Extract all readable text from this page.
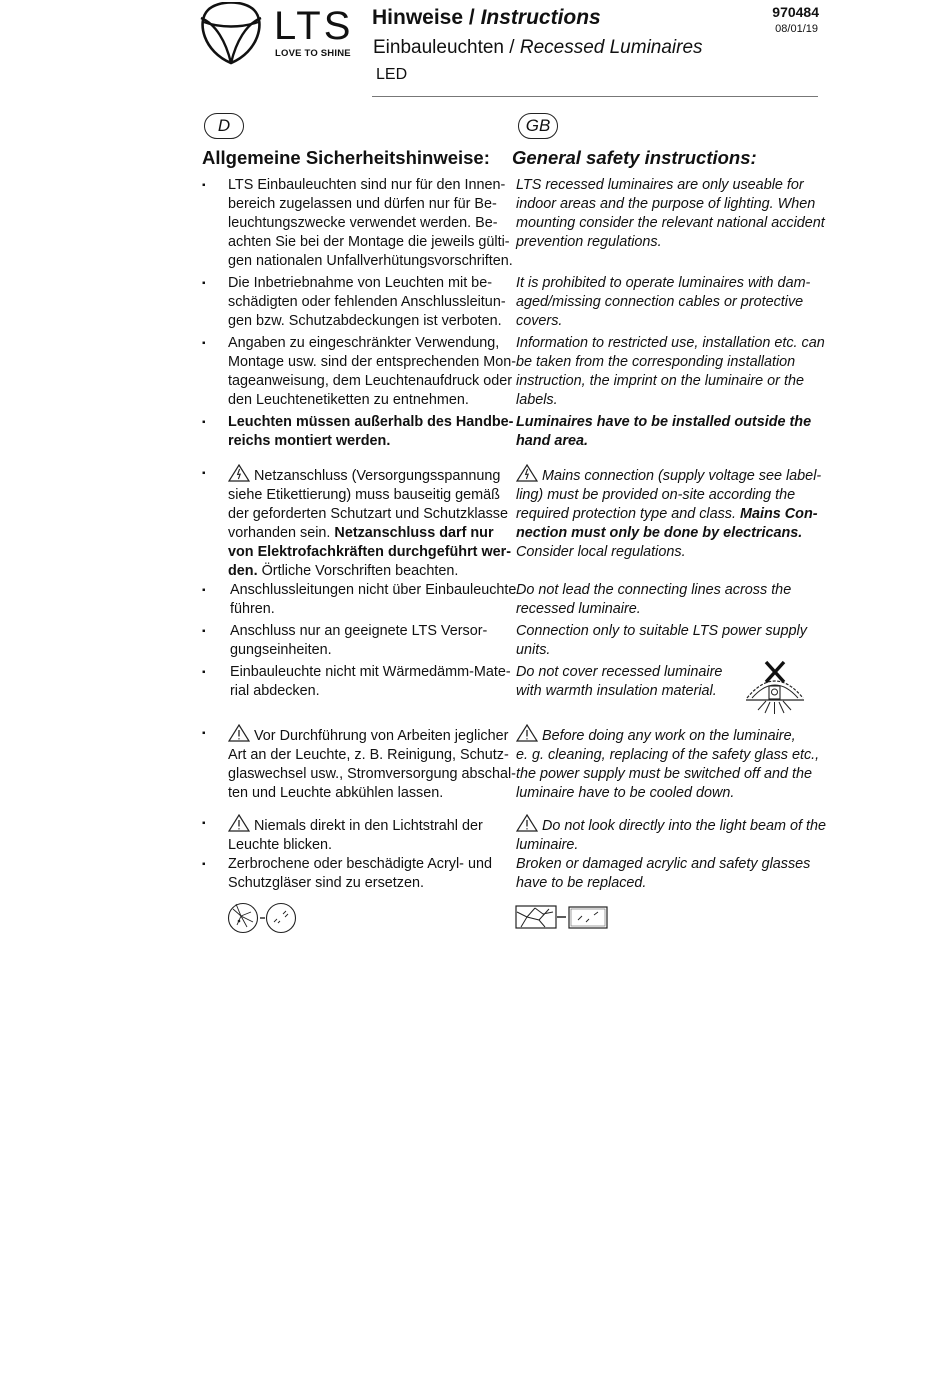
LTS
LOVE TO SHINE
Hinweise / Instructions
Einbauleuchten / Recessed Luminaires
LED
970484
08/01/19
D	GB
Allgemeine Sicherheitshinweise: General safety instructions:
▪ LTS Einbauleuchten sind nur für den Innen-
bereich zugelassen und dürfen nur für Be-
leuchtungszwecke verwendet werden. Be-
achten Sie bei der Montage die jeweils gülti-
gen nationalen Unfallverhütungsvorschriften.
▪ Die Inbetriebnahme von Leuchten mit be-
schädigten oder fehlenden Anschlussleitun-
gen bzw. Schutzabdeckungen ist verboten.
▪ Angaben zu eingeschränkter Verwendung,
Montage usw. sind der entsprechenden Mon-
tageanweisung, dem Leuchtenaufdruck oder
den Leuchtenetiketten zu entnehmen.
▪ Leuchten müssen außerhalb des Handbe-
reichs montiert werden.
▪	Netzanschluss (Versorgungsspannung
siehe Etikettierung) muss bauseitig gemäß
der geforderten Schutzart und Schutzklasse
vorhanden sein. Netzanschluss darf nur
von Elektrofachkräften durchgeführt wer-
den. Örtliche Vorschriften beachten.
▪ Anschlussleitungen nicht über Einbauleuchte
führen.
▪ Anschluss nur an geeignete LTS Versor-
gungseinheiten.
▪ Einbauleuchte nicht mit Wärmedämm-Mate-
rial abdecken.
▪	Vor Durchführung von Arbeiten jeglicher
Art an der Leuchte, z. B. Reinigung, Schutz-
glaswechsel usw., Stromversorgung abschal-
ten und Leuchte abkühlen lassen.
▪	Niemals direkt in den Lichtstrahl der
Leuchte blicken.
▪ Zerbrochene oder beschädigte Acryl- und
Schutzgläser sind zu ersetzen.
LTS recessed luminaires are only useable for
indoor areas and the purpose of lighting. When
mounting consider the relevant national accident
prevention regulations.
It is prohibited to operate luminaires with dam-
aged/missing connection cables or protective
covers.
Information to restricted use, installation etc. can
be taken from the corresponding installation
instruction, the imprint on the luminaire or the
labels.
Luminaires have to be installed outside the
hand area.
Mains connection (supply voltage see label-
ling) must be provided on-site according the
required protection type and class. Mains Con-
nection must only be done by electricans.
Consider local regulations.
Do not lead the connecting lines across the
recessed luminaire.
Connection only to suitable LTS power supply
units.
Do not cover recessed luminaire
with warmth insulation material.
Before doing any work on the luminaire,
e. g. cleaning, replacing of the safety glass etc.,
the power supply must be switched off and the
luminaire have to be cooled down.
Do not look directly into the light beam of the
luminaire.
Broken or damaged acrylic and safety glasses
have to be replaced.
